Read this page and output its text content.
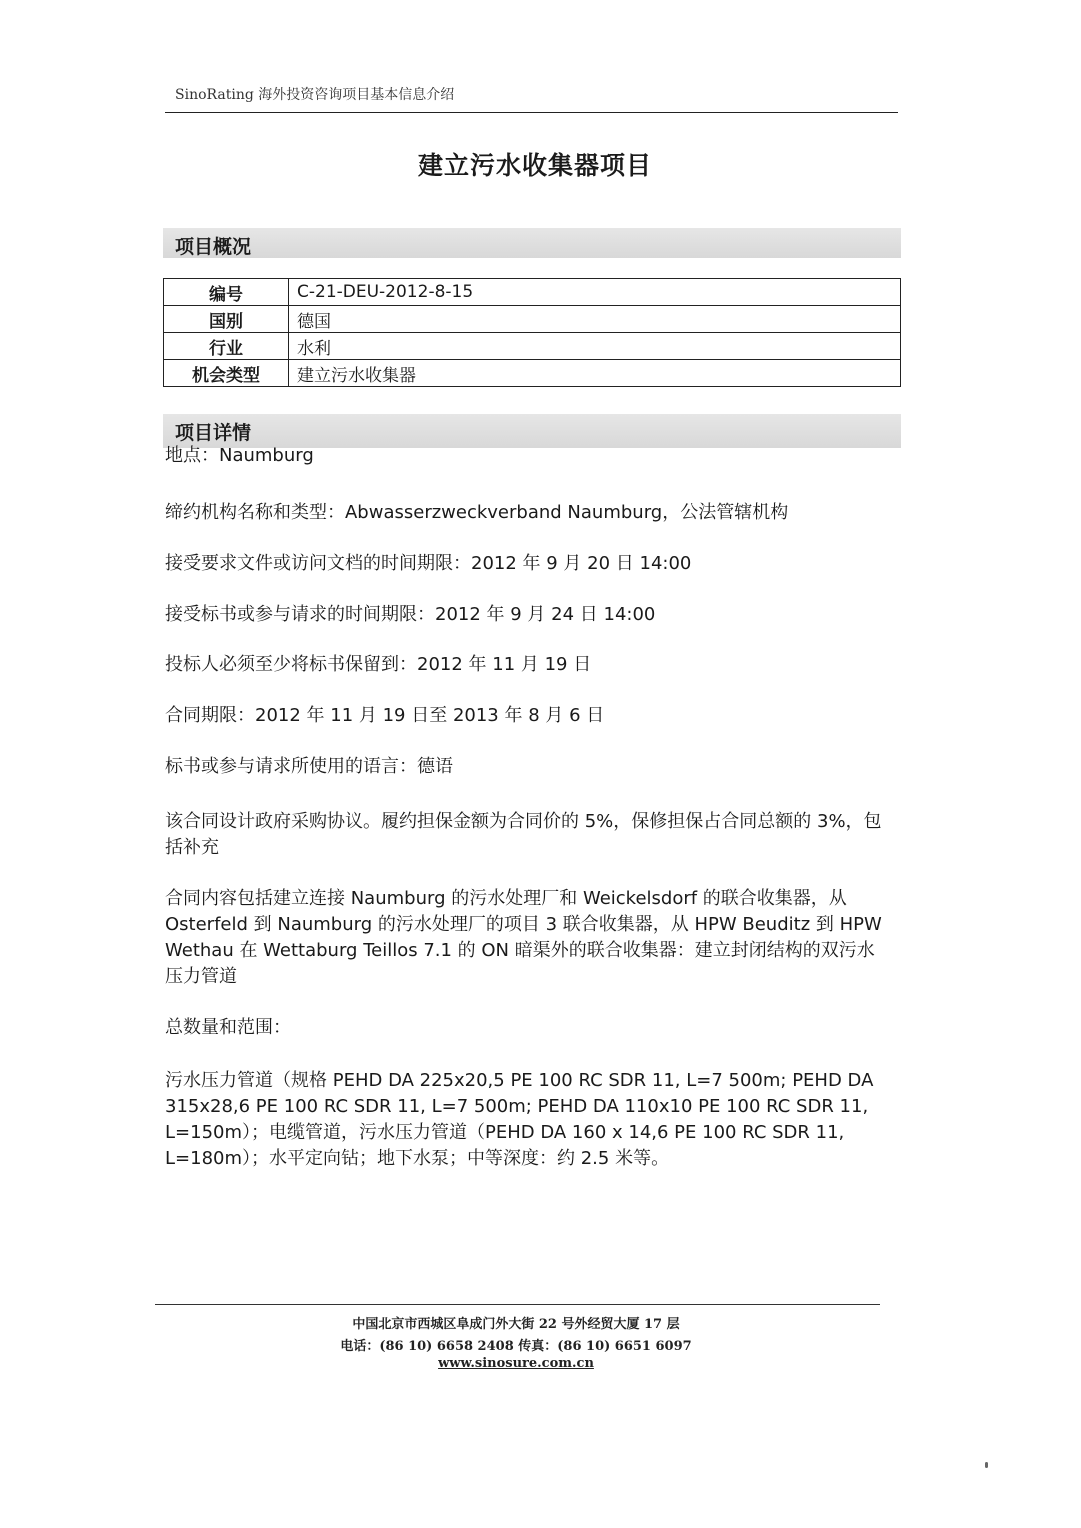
SinoRating 海外投资咨询项目基本信息介绍
建立污水收集器项目
项目概况
编号	C-21-DEU-2012-8-15
国别	德国
行业	水利
机会类型	建立污水收集器
项目详情
地点：Naumburg
缔约机构名称和类型：Abwasserzweckverband Naumburg，公法管辖机构
接受要求文件或访问文档的时间期限：2012 年 9 月 20 日 14:00
接受标书或参与请求的时间期限：2012 年 9 月 24 日 14:00
投标人必须至少将标书保留到：2012 年 11 月 19 日
合同期限：2012 年 11 月 19 日至 2013 年 8 月 6 日
标书或参与请求所使用的语言：德语
该合同设计政府采购协议。履约担保金额为合同价的 5%，保修担保占合同总额的 3%，包括补充
合同内容包括建立连接 Naumburg 的污水处理厂和 Weickelsdorf 的联合收集器，从 Osterfeld 到 Naumburg 的污水处理厂的项目 3 联合收集器，从 HPW Beuditz 到 HPW Wethau 在 Wettaburg Teillos 7.1 的 ON 暗渠外的联合收集器：建立封闭结构的双污水压力管道
总数量和范围：
污水压力管道（规格 PEHD DA 225x20,5 PE 100 RC SDR 11, L=7 500m; PEHD DA 315x28,6 PE 100 RC SDR 11, L=7 500m; PEHD DA 110x10 PE 100 RC SDR 11, L=150m）；电缆管道，污水压力管道（PEHD DA 160 x 14,6 PE 100 RC SDR 11, L=180m）；水平定向钻；地下水泵；中等深度：约 2.5 米等。
中国北京市西城区阜成门外大街 22 号外经贸大厦 17 层
电话：(86 10) 6658 2408 传真：(86 10) 6651 6097
www.sinosure.com.cn
